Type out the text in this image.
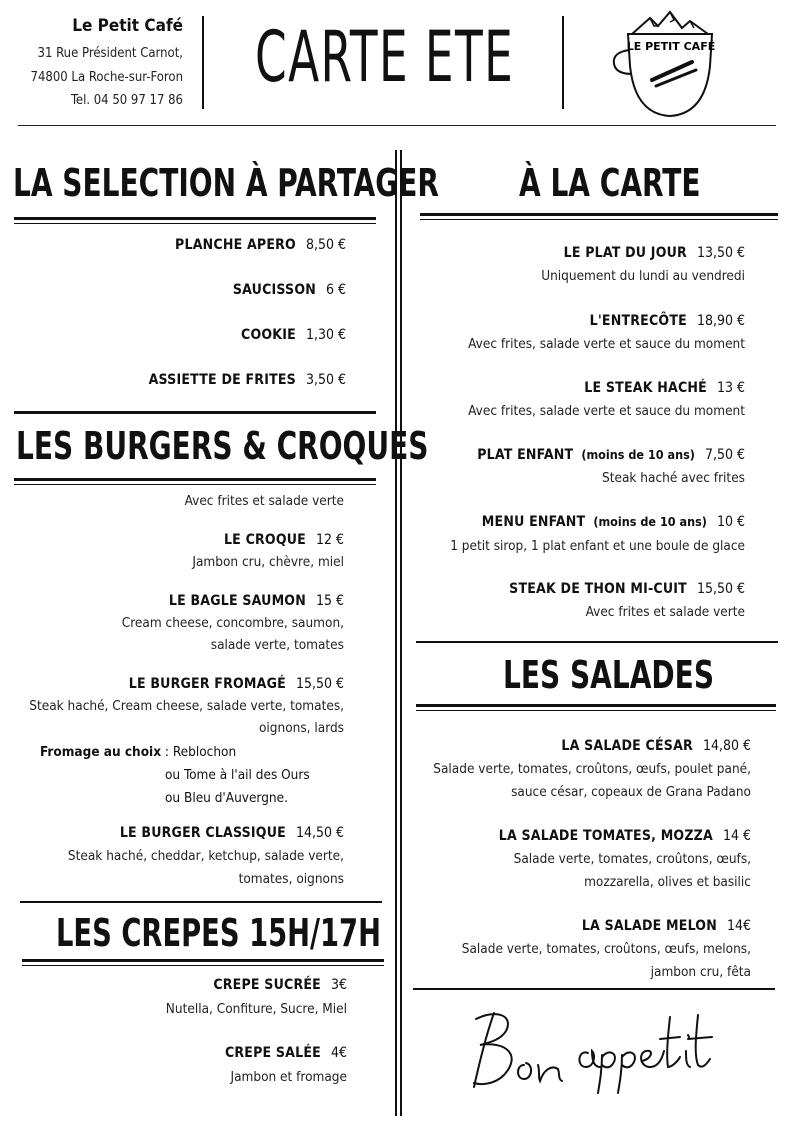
Le Petit Café
31 Rue Président Carnot,
74800 La Roche-sur-Foron
Tel. 04 50 97 17 86
CARTE ETE	LE PETIT CAFÉ
LA SELECTION À PARTAGER
PLANCHE APERO 8,50 €
SAUCISSON 6 €
COOKIE 1,30 €
ASSIETTE DE FRITES 3,50 €
LES BURGERS & CROQUES
Avec frites et salade verte
LE CROQUE 12 €
Jambon cru, chèvre, miel
LE BAGLE SAUMON 15 €
Cream cheese, concombre, saumon,
salade verte, tomates
LE BURGER FROMAGÉ 15,50 €
Steak haché, Cream cheese, salade verte, tomates,
oignons, lards
Fromage au choix : Reblochon
ou Tome à l'ail des Ours
ou Bleu d'Auvergne.
LE BURGER CLASSIQUE 14,50 €
Steak haché, cheddar, ketchup, salade verte,
tomates, oignons
LES CREPES 15H/17H
CREPE SUCRÉE 3€
Nutella, Confiture, Sucre, Miel
CREPE SALÉE 4€
Jambon et fromage
À LA CARTE
LE PLAT DU JOUR 13,50 €
Uniquement du lundi au vendredi
L'ENTRECÔTE 18,90 €
Avec frites, salade verte et sauce du moment
LE STEAK HACHÉ 13 €
Avec frites, salade verte et sauce du moment
PLAT ENFANT (moins de 10 ans) 7,50 €
Steak haché avec frites
MENU ENFANT (moins de 10 ans) 10 €
1 petit sirop, 1 plat enfant et une boule de glace
STEAK DE THON MI-CUIT 15,50 €
Avec frites et salade verte
LES SALADES
LA SALADE CÉSAR 14,80 €
Salade verte, tomates, croûtons, œufs, poulet pané,
sauce césar, copeaux de Grana Padano
LA SALADE TOMATES, MOZZA 14 €
Salade verte, tomates, croûtons, œufs,
mozzarella, olives et basilic
LA SALADE MELON 14€
Salade verte, tomates, croûtons, œufs, melons,
jambon cru, fêta
